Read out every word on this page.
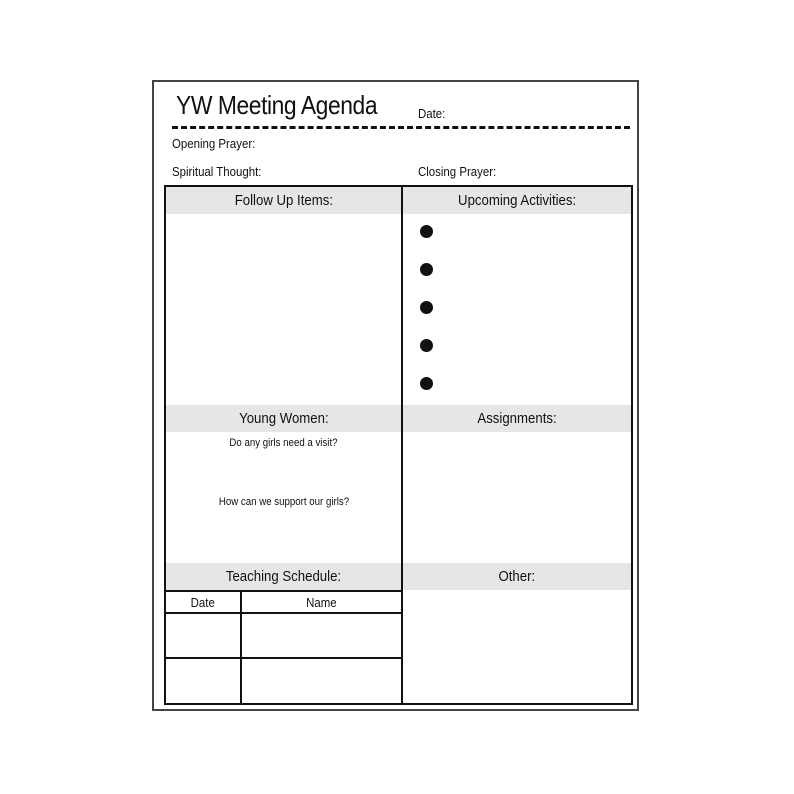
YW Meeting Agenda	Date:
Opening Prayer:
Spiritual Thought:	Closing Prayer:
Follow Up Items:	Upcoming Activities:
Young Women:	Assignments:
Do any girls need a visit?
How can we support our girls?
Teaching Schedule:	Other:
Date	Name
